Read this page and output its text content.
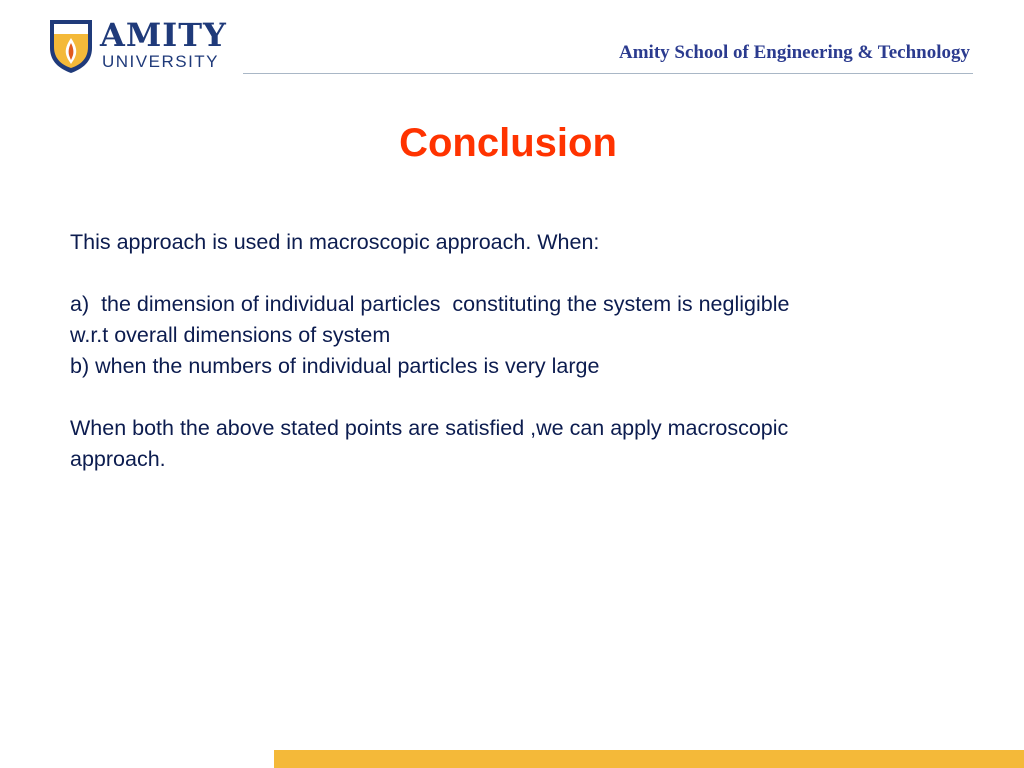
AMITY
UNIVERSITY	Amity School of Engineering & Technology
Conclusion

This approach is used in macroscopic approach. When:

a)  the dimension of individual particles  constituting the system is negligible

w.r.t overall dimensions of system

b) when the numbers of individual particles is very large

When both the above stated points are satisfied ,we can apply macroscopic

approach.
